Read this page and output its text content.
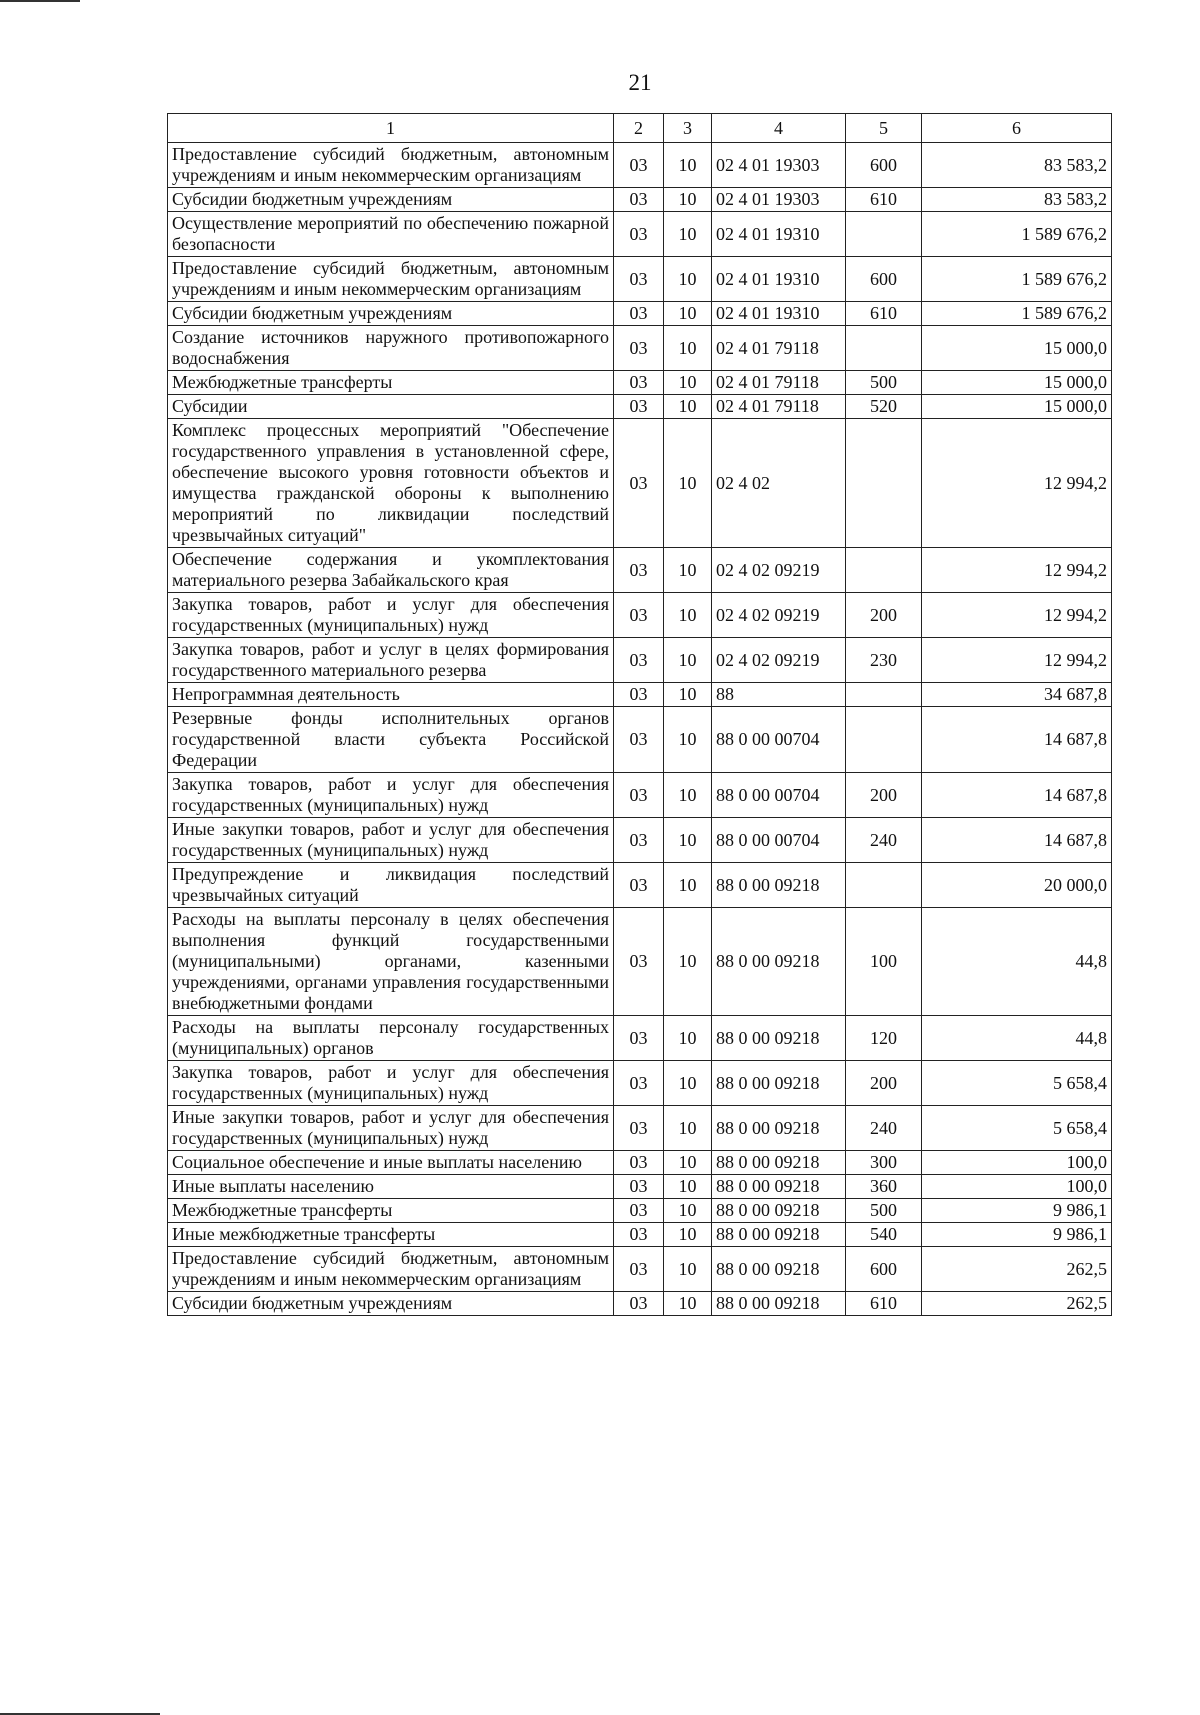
21
1	2	3	4	5	6
Предоставление субсидий бюджетным, автономным учреждениям и иным некоммерческим организациям	03	10	02 4 01 19303	600	83 583,2
Субсидии бюджетным учреждениям	03	10	02 4 01 19303	610	83 583,2
Осуществление мероприятий по обеспечению пожарной безопасности	03	10	02 4 01 19310		1 589 676,2
Предоставление субсидий бюджетным, автономным учреждениям и иным некоммерческим организациям	03	10	02 4 01 19310	600	1 589 676,2
Субсидии бюджетным учреждениям	03	10	02 4 01 19310	610	1 589 676,2
Создание источников наружного противопожарного водоснабжения	03	10	02 4 01 79118		15 000,0
Межбюджетные трансферты	03	10	02 4 01 79118	500	15 000,0
Субсидии	03	10	02 4 01 79118	520	15 000,0
Комплекс процессных мероприятий "Обеспечение государственного управления в установленной сфере, обеспечение высокого уровня готовности объектов и имущества гражданской обороны к выполнению мероприятий по ликвидации последствий чрезвычайных ситуаций"	03	10	02 4 02		12 994,2
Обеспечение содержания и укомплектования материального резерва Забайкальского края	03	10	02 4 02 09219		12 994,2
Закупка товаров, работ и услуг для обеспечения государственных (муниципальных) нужд	03	10	02 4 02 09219	200	12 994,2
Закупка товаров, работ и услуг в целях формирования государственного материального резерва	03	10	02 4 02 09219	230	12 994,2
Непрограммная деятельность	03	10	88		34 687,8
Резервные фонды исполнительных органов государственной власти субъекта Российской Федерации	03	10	88 0 00 00704		14 687,8
Закупка товаров, работ и услуг для обеспечения государственных (муниципальных) нужд	03	10	88 0 00 00704	200	14 687,8
Иные закупки товаров, работ и услуг для обеспечения государственных (муниципальных) нужд	03	10	88 0 00 00704	240	14 687,8
Предупреждение и ликвидация последствий чрезвычайных ситуаций	03	10	88 0 00 09218		20 000,0
Расходы на выплаты персоналу в целях обеспечения выполнения функций государственными (муниципальными) органами, казенными учреждениями, органами управления государственными внебюджетными фондами	03	10	88 0 00 09218	100	44,8
Расходы на выплаты персоналу государственных (муниципальных) органов	03	10	88 0 00 09218	120	44,8
Закупка товаров, работ и услуг для обеспечения государственных (муниципальных) нужд	03	10	88 0 00 09218	200	5 658,4
Иные закупки товаров, работ и услуг для обеспечения государственных (муниципальных) нужд	03	10	88 0 00 09218	240	5 658,4
Социальное обеспечение и иные выплаты населению	03	10	88 0 00 09218	300	100,0
Иные выплаты населению	03	10	88 0 00 09218	360	100,0
Межбюджетные трансферты	03	10	88 0 00 09218	500	9 986,1
Иные межбюджетные трансферты	03	10	88 0 00 09218	540	9 986,1
Предоставление субсидий бюджетным, автономным учреждениям и иным некоммерческим организациям	03	10	88 0 00 09218	600	262,5
Субсидии бюджетным учреждениям	03	10	88 0 00 09218	610	262,5
